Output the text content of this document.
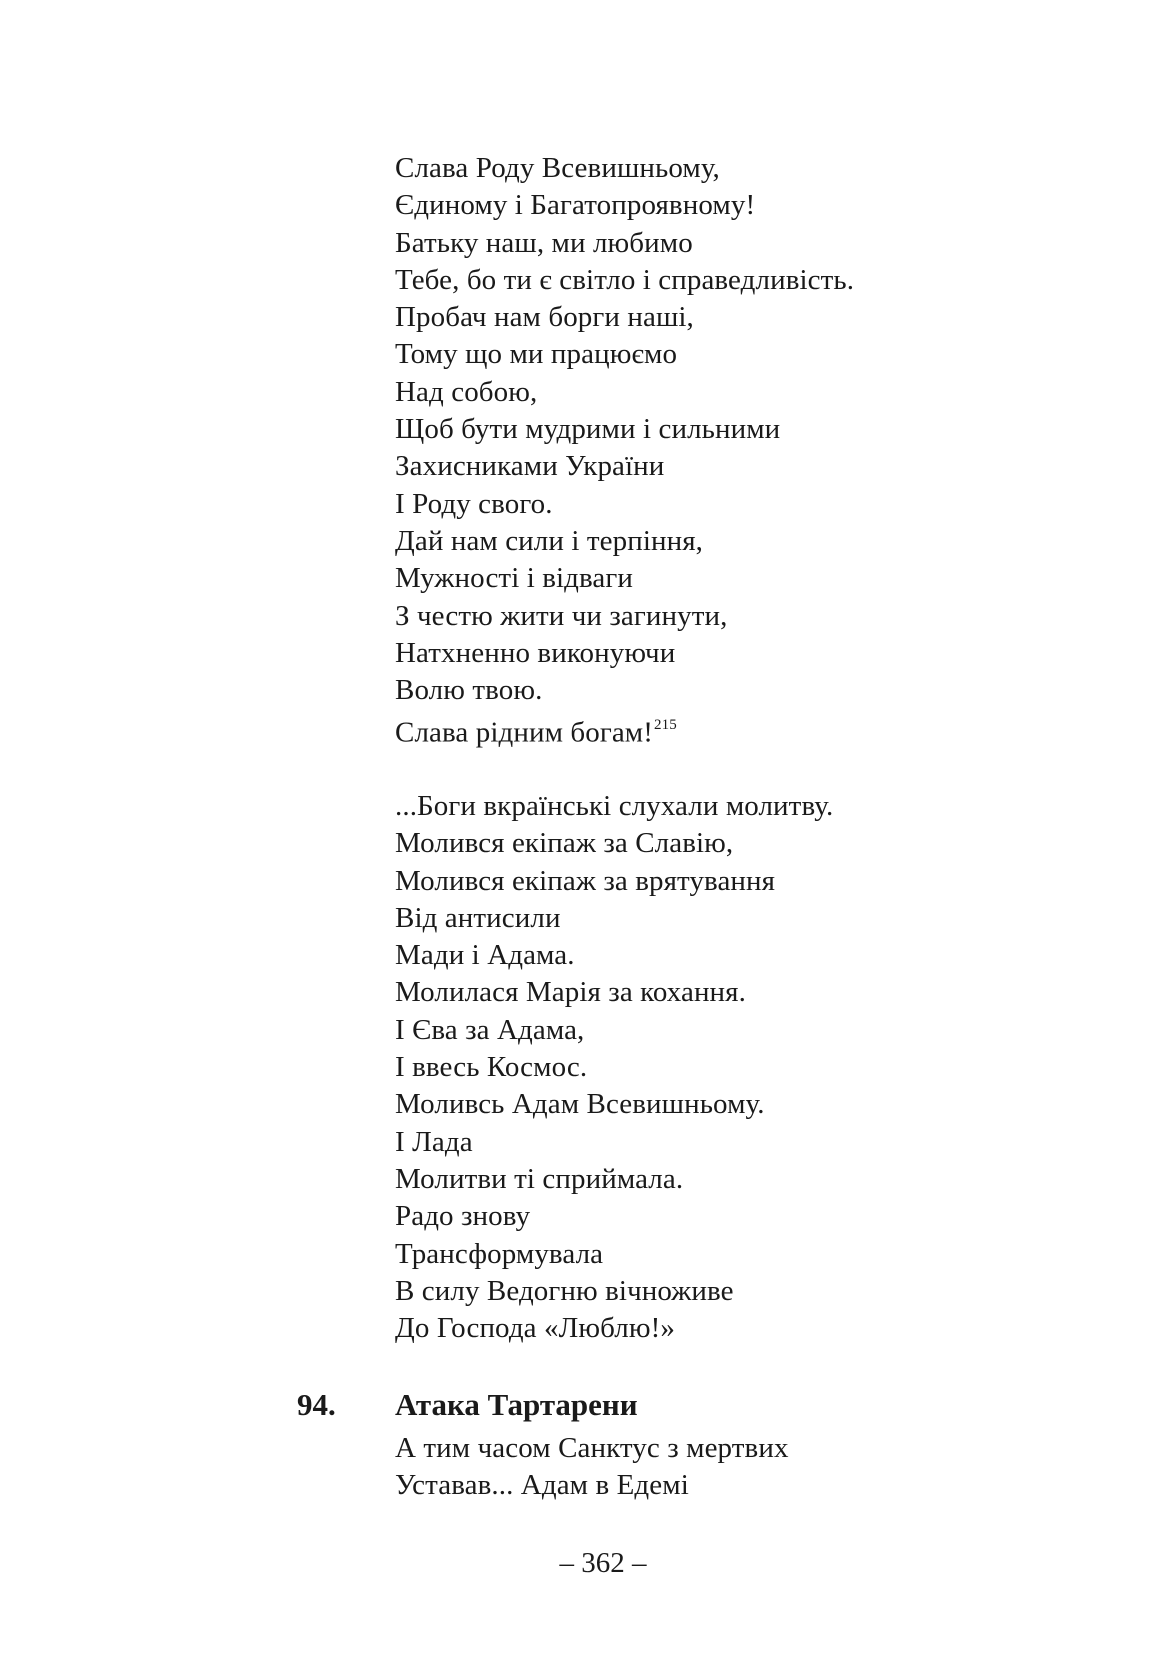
Слава Роду Всевишньому,
Єдиному і Багатопроявному!
Батьку наш, ми любимо
Тебе, бо ти є світло і справедливість.
Пробач нам борги наші,
Тому що ми працюємо
Над собою,
Щоб бути мудрими і сильними
Захисниками України
І Роду свого.
Дай нам сили і терпіння,
Мужності і відваги
З честю жити чи загинути,
Натхненно виконуючи
Волю твою.
Слава рідним богам!$^{215}$
...Боги вкраїнські слухали молитву.
Молився екіпаж за Славію,
Молився екіпаж за врятування
Від антисили
Мади і Адама.
Молилася Марія за кохання.
І Єва за Адама,
І ввесь Космос.
Моливсь Адам Всевишньому.
І Лада
Молитви ті сприймала.
Радо знову
Трансформувала
В силу Ведогню вічноживе
До Господа «Люблю!»
94. Атака Тартарени
А тим часом Санктус з мертвих
Уставав... Адам в Едемі
– 362 –
